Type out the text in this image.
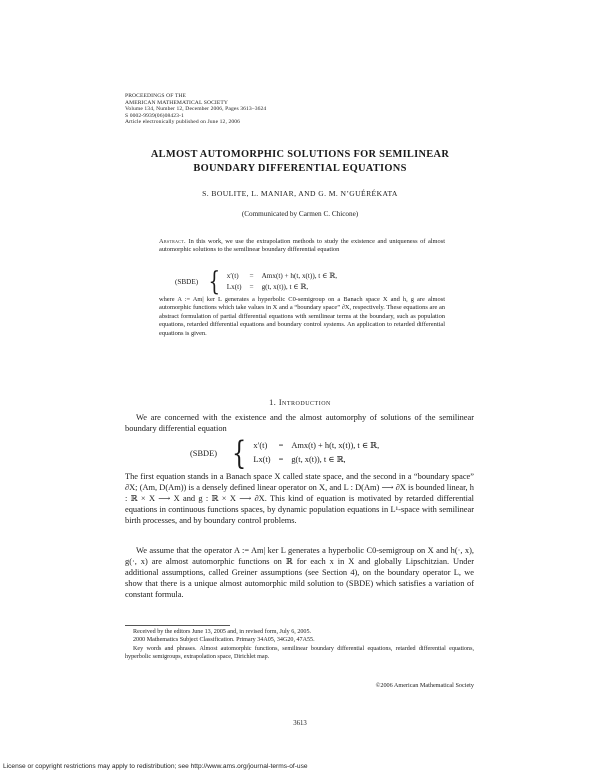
PROCEEDINGS OF THE
AMERICAN MATHEMATICAL SOCIETY
Volume 134, Number 12, December 2006, Pages 3613–3624
S 0002-9939(06)08423-1
Article electronically published on June 12, 2006
ALMOST AUTOMORPHIC SOLUTIONS FOR SEMILINEAR
BOUNDARY DIFFERENTIAL EQUATIONS
S. BOULITE, L. MANIAR, AND G. M. N’GUÉRÉKATA
(Communicated by Carmen C. Chicone)
Abstract. In this work, we use the extrapolation methods to study the existence and uniqueness of almost automorphic solutions to the semilinear boundary differential equation
(SBDE) { x′(t)	=	Amx(t) + h(t, x(t)), t ∈ ℝ,
Lx(t)	=	g(t, x(t)), t ∈ ℝ,
where A := Am| ker L generates a hyperbolic C0-semigroup on a Banach space X and h, g are almost automorphic functions which take values in X and a “boundary space” ∂X, respectively. These equations are an abstract formulation of partial differential equations with semilinear terms at the boundary, such as population equations, retarded differential equations and boundary control systems. An application to retarded differential equations is given.
1. Introduction
We are concerned with the existence and the almost automorphy of solutions of the semilinear boundary differential equation
(SBDE) { x′(t)	=	Amx(t) + h(t, x(t)), t ∈ ℝ,
Lx(t)	=	g(t, x(t)), t ∈ ℝ,
The first equation stands in a Banach space X called state space, and the second in a “boundary space” ∂X; (Am, D(Am)) is a densely defined linear operator on X, and L : D(Am) ⟶ ∂X is bounded linear, h : ℝ × X ⟶ X and g : ℝ × X ⟶ ∂X. This kind of equation is motivated by retarded differential equations in continuous functions spaces, by dynamic population equations in L¹-space with semilinear birth processes, and by boundary control problems.
We assume that the operator A := Am| ker L generates a hyperbolic C0-semigroup on X and h(·, x), g(·, x) are almost automorphic functions on ℝ for each x in X and globally Lipschitzian. Under additional assumptions, called Greiner assumptions (see Section 4), on the boundary operator L, we show that there is a unique almost automorphic mild solution to (SBDE) which satisfies a variation of constant formula.
Received by the editors June 13, 2005 and, in revised form, July 6, 2005.
2000 Mathematics Subject Classification. Primary 34A05, 34G20, 47A55.
Key words and phrases. Almost automorphic functions, semilinear boundary differential equations, retarded differential equations, hyperbolic semigroups, extrapolation space, Dirichlet map.
©2006 American Mathematical Society
3613
License or copyright restrictions may apply to redistribution; see http://www.ams.org/journal-terms-of-use
